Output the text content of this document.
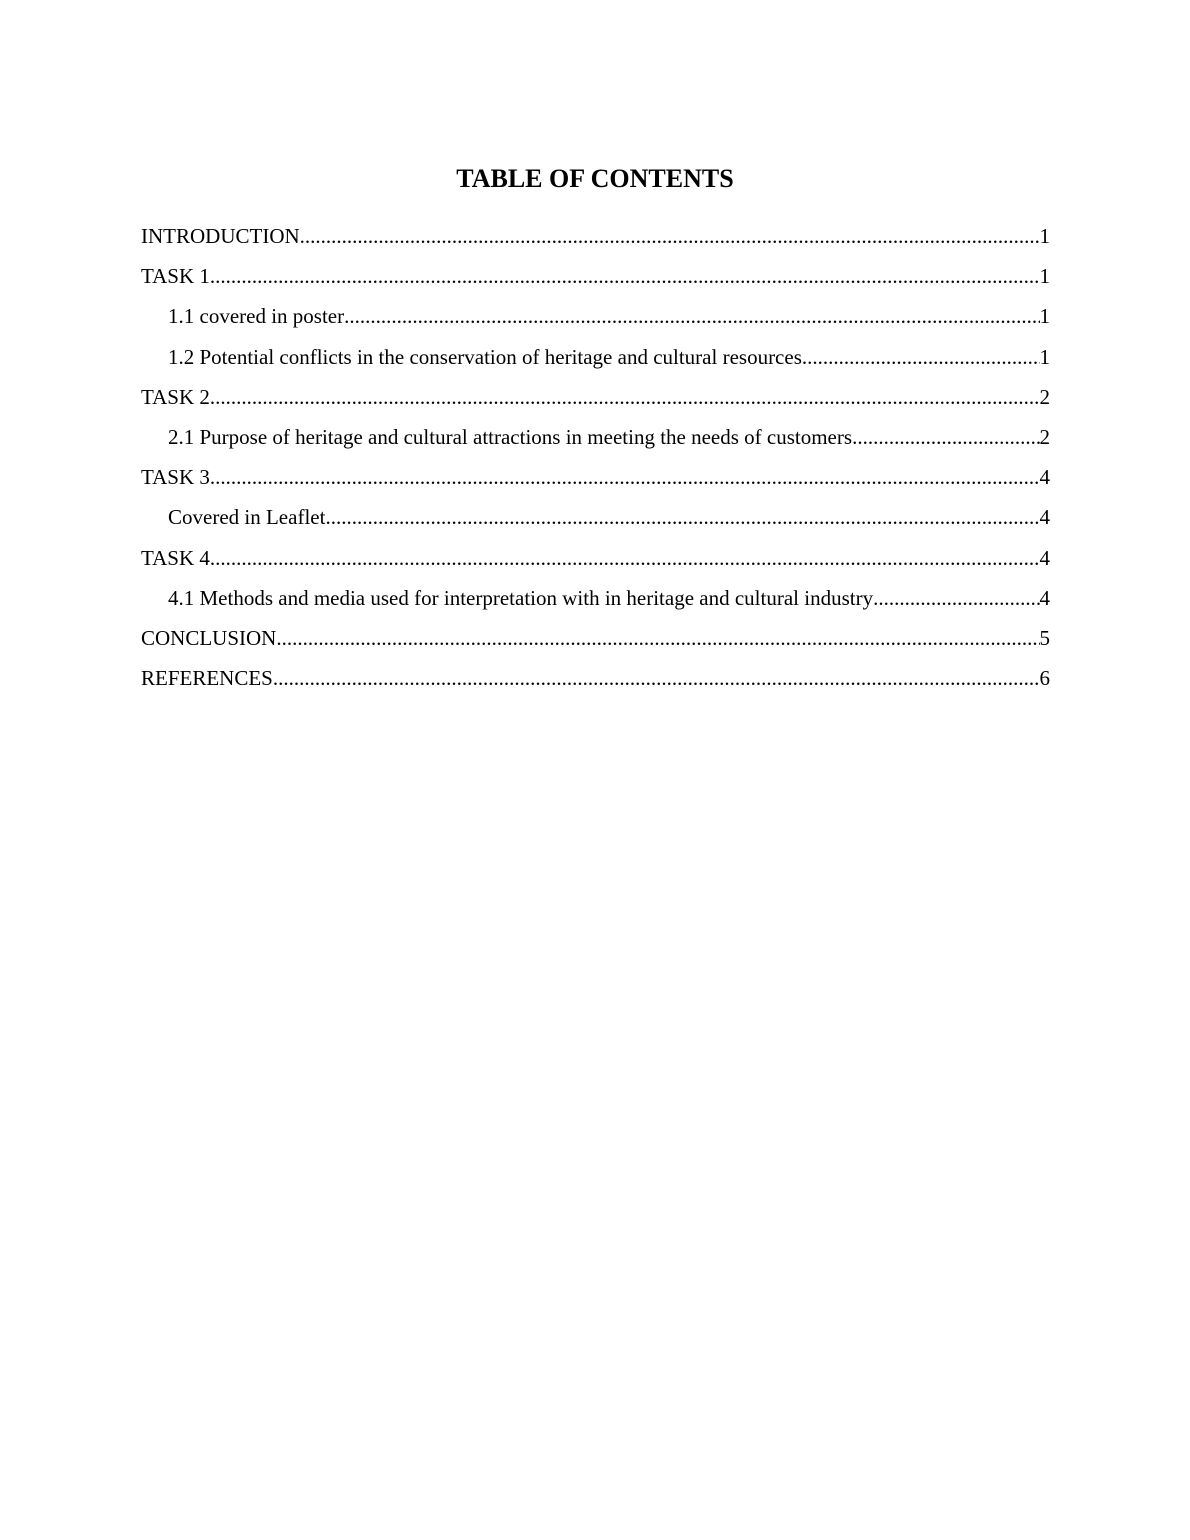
TABLE OF CONTENTS
INTRODUCTION .....	1
TASK 1 .....	1
1.1 covered in poster .....	1
1.2 Potential conflicts in the conservation of heritage and cultural resources .....	1
TASK 2 .....	2
2.1 Purpose of heritage and cultural attractions in meeting the needs of customers .....	2
TASK 3 .....	4
Covered in Leaflet .....	4
TASK 4 .....	4
4.1 Methods and media used for interpretation with in heritage and cultural industry .....	4
CONCLUSION .....	5
REFERENCES .....	6
